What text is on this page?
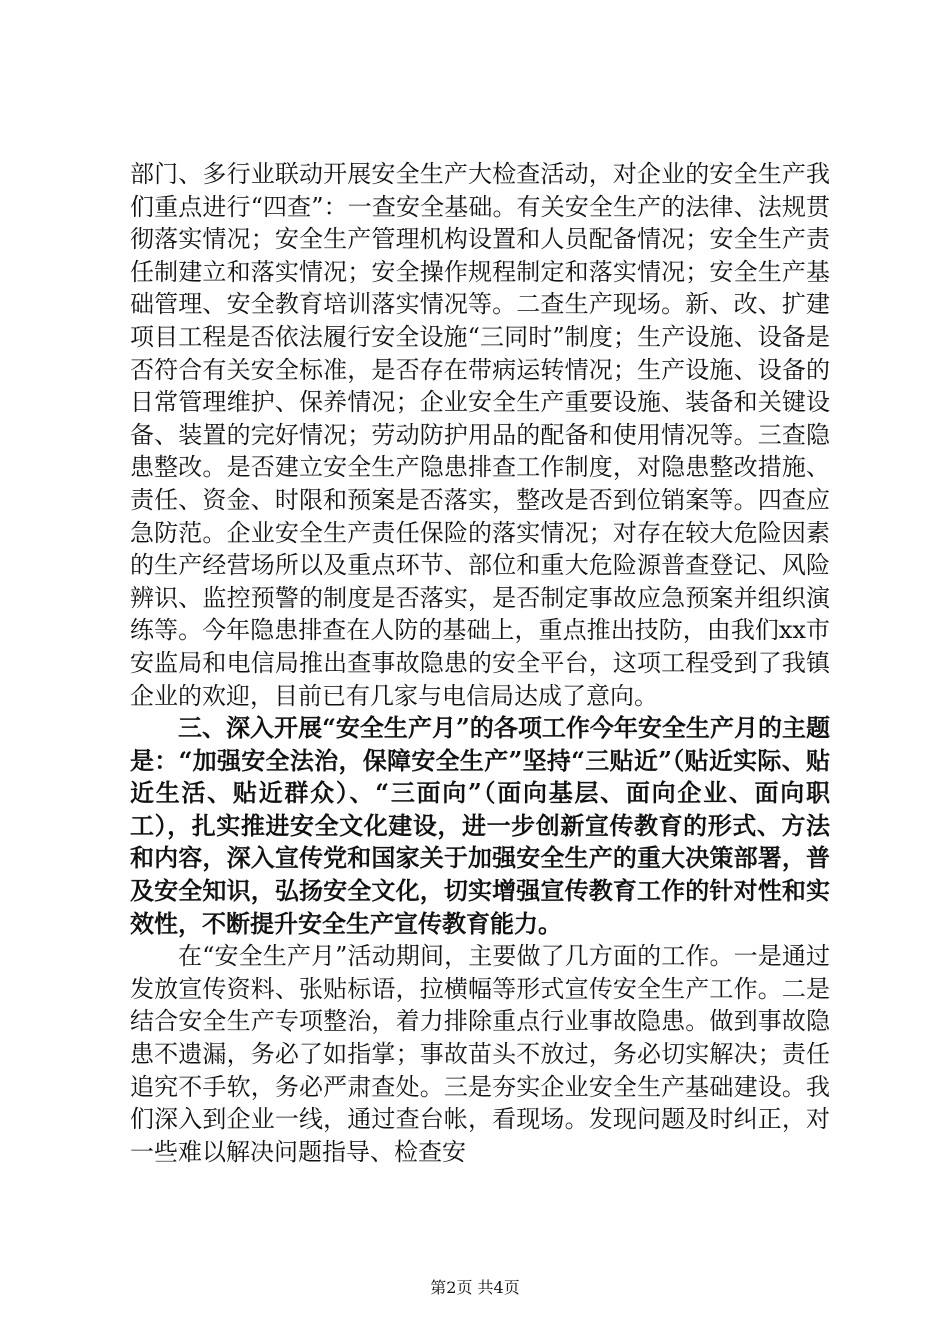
部门、多行业联动开展安全生产大检查活动，对企业的安全生产我们重点进行“四查”：一查安全基础。有关安全生产的法律、法规贯彻落实情况；安全生产管理机构设置和人员配备情况；安全生产责任制建立和落实情况；安全操作规程制定和落实情况；安全生产基础管理、安全教育培训落实情况等。二查生产现场。新、改、扩建项目工程是否依法履行安全设施“三同时”制度；生产设施、设备是否符合有关安全标准，是否存在带病运转情况；生产设施、设备的日常管理维护、保养情况；企业安全生产重要设施、装备和关键设备、装置的完好情况；劳动防护用品的配备和使用情况等。三查隐患整改。是否建立安全生产隐患排查工作制度，对隐患整改措施、责任、资金、时限和预案是否落实，整改是否到位销案等。四查应急防范。企业安全生产责任保险的落实情况；对存在较大危险因素的生产经营场所以及重点环节、部位和重大危险源普查登记、风险辨识、监控预警的制度是否落实，是否制定事故应急预案并组织演练等。今年隐患排查在人防的基础上，重点推出技防，由我们xx市安监局和电信局推出查事故隐患的安全平台，这项工程受到了我镇企业的欢迎，目前已有几家与电信局达成了意向。

三、深入开展“安全生产月”的各项工作今年安全生产月的主题是：“加强安全法治，保障安全生产”坚持“三贴近”（贴近实际、贴近生活、贴近群众）、“三面向”（面向基层、面向企业、面向职工），扎实推进安全文化建设，进一步创新宣传教育的形式、方法和内容，深入宣传党和国家关于加强安全生产的重大决策部署，普及安全知识，弘扬安全文化，切实增强宣传教育工作的针对性和实效性，不断提升安全生产宣传教育能力。

在“安全生产月”活动期间，主要做了几方面的工作。一是通过发放宣传资料、张贴标语，拉横幅等形式宣传安全生产工作。二是结合安全生产专项整治，着力排除重点行业事故隐患。做到事故隐患不遗漏，务必了如指掌；事故苗头不放过，务必切实解决；责任追究不手软，务必严肃查处。三是夯实企业安全生产基础建设。我们深入到企业一线，通过查台帐，看现场。发现问题及时纠正，对一些难以解决问题指导、检查安

第2页 共4页
